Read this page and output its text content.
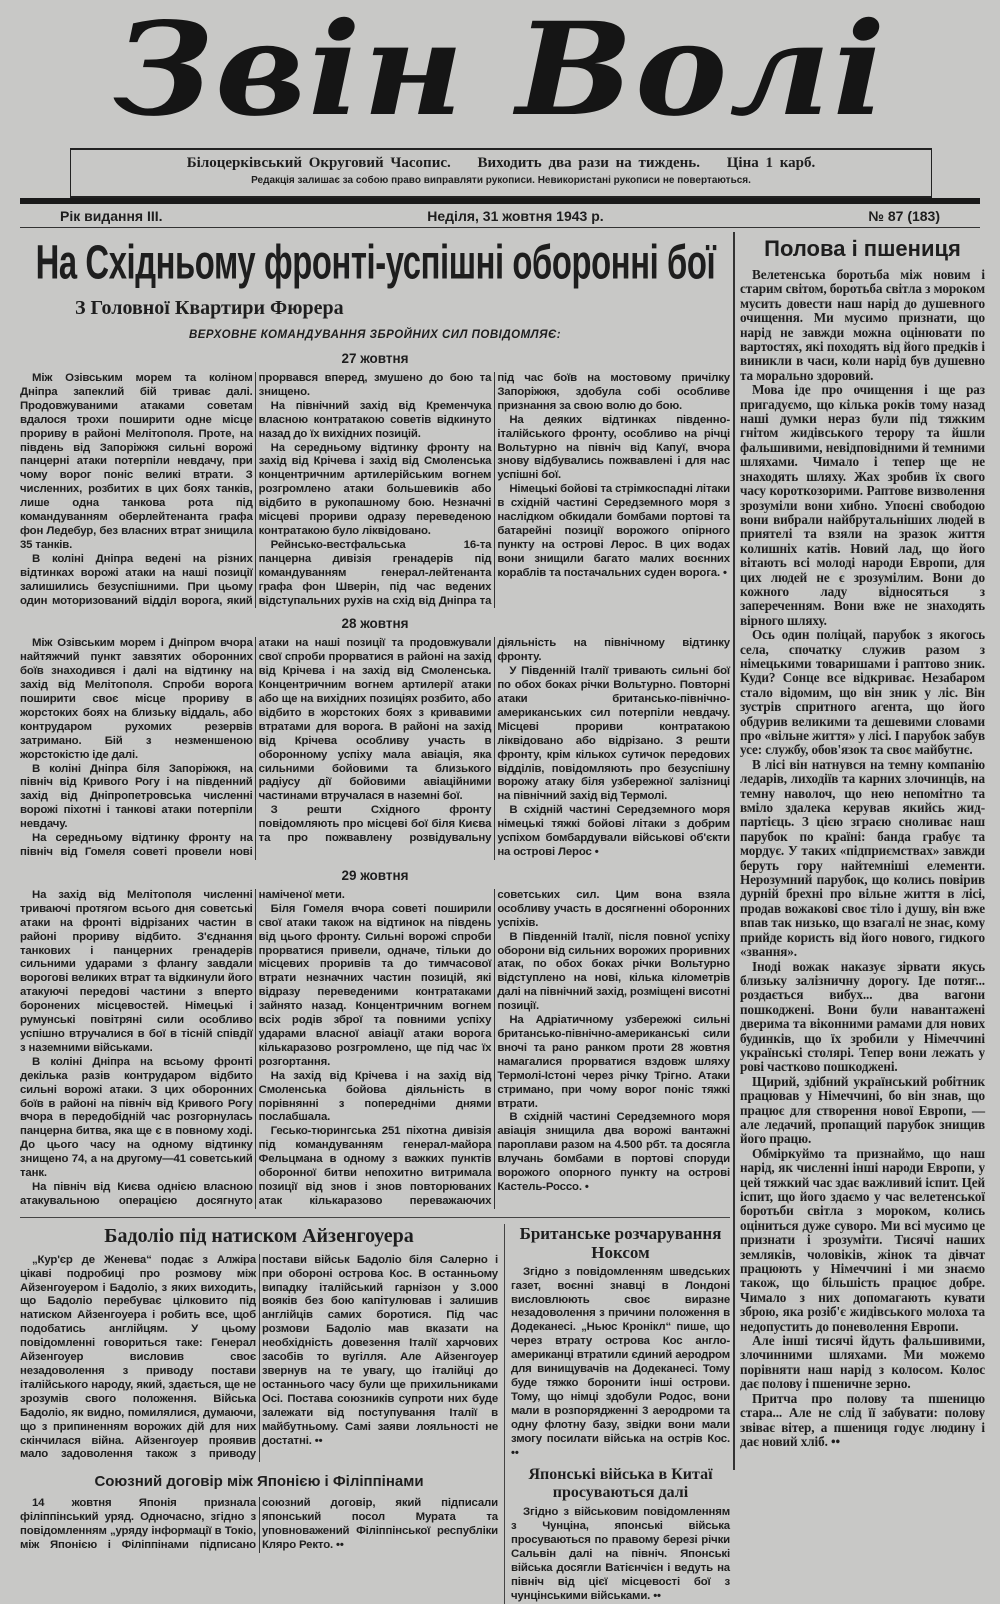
Звін Волі
Білоцерківський Округовий Часопис. Виходить два рази на тиждень. Ціна 1 карб.
Редакція залишає за собою право виправляти рукописи. Невикористані рукописи не повертаються.
Рік видання III.	Неділя, 31 жовтня 1943 р.	№ 87 (183)
На Східньому фронті-успішні оборонні бої
З Головної Квартири Фюрера
ВЕРХОВНЕ КОМАНДУВАННЯ ЗБРОЙНИХ СИЛ ПОВІДОМЛЯЄ:
27 жовтня

Між Озівським морем та коліном Дніпра запеклий бій триває далі. Продовжуваними атаками советам вдалося трохи поширити одне місце прориву в районі Мелітополя. Проте, на південь від Запоріжжя сильні ворожі панцерні атаки потерпіли невдачу, при чому ворог поніс великі втрати. З численних, розбитих в цих боях танків, лише одна танкова рота під командуванням оберлейтенанта графа фон Ледебур, без власних втрат знищила 35 танків.

В коліні Дніпра ведені на різних відтинках ворожі атаки на наші позиції залишились безуспішними. При цьому один моторизований відділ ворога, який прорвався вперед, змушено до бою та знищено.

На північний захід від Кременчука власною контратакою советів відкинуто назад до їх вихідних позицій.

На середньому відтинку фронту на захід від Крічева і захід від Смоленська концентричним артилерійським вогнем розгромлено атаки большевиків або відбито в рукопашному бою. Незначні місцеві прориви одразу переведеною контратакою було ліквідовано.

Рейнсько-вестфальська 16-та панцерна дивізія гренадерів під командуванням генерал-лейтенанта графа фон Шверін, під час ведених відступальних рухів на схід від Дніпра та під час боїв на мостовому причілку Запоріжжя, здобула собі особливе признання за свою волю до бою.

На деяких відтинках південно-італійського фронту, особливо на річці Вольтурно на північ від Капуї, вчора знову відбувались пожвавлені і для нас успішні бої.

Німецькі бойові та стрімкоспадні літаки в східній частині Середземного моря з наслідком обкидали бомбами портові та батарейні позиції ворожого опірного пункту на острові Лерос. В цих водах вони знищили багато малих воєнних кораблів та постачальних суден ворога. •

28 жовтня

Між Озівським морем і Дніпром вчора найтяжчий пункт завзятих оборонних боїв знаходився і далі на відтинку на захід від Мелітополя. Спроби ворога поширити своє місце прориву в жорстоких боях на близьку віддаль, або контрударом рухомих резервів затримано. Бій з незменшеною жорстокістю іде далі.

В коліні Дніпра біля Запоріжжя, на північ від Кривого Рогу і на південний захід від Дніпропетровська численні ворожі піхотні і танкові атаки потерпіли невдачу.

На середньому відтинку фронту на північ від Гомеля советі провели нові атаки на наші позиції та продовжували свої спроби прорватися в районі на захід від Крічева і на захід від Смоленська. Концентричним вогнем артилерії атаки або ще на вихідних позиціях розбито, або відбито в жорстоких боях з кривавими втратами для ворога. В районі на захід від Крічева особливу участь в оборонному успіху мала авіація, яка сильними бойовими та близького радіусу дії бойовими авіаційними частинами втручалася в наземні бої.

З решти Східного фронту повідомляють про місцеві бої біля Києва та про пожвавлену розвідувальну діяльність на північному відтинку фронту.

У Південній Італії тривають сильні бої по обох боках річки Вольтурно. Повторні атаки британсько-північно-американських сил потерпіли невдачу. Місцеві прориви контратакою ліквідовано або відрізано. З решти фронту, крім кількох сутичок передових відділів, повідомляють про безуспішну ворожу атаку біля узбережної залізниці на північний захід від Термолі.

В східній частині Середземного моря німецькі тяжкі бойові літаки з добрим успіхом бомбардували військові об'єкти на острові Лерос •

29 жовтня

На захід від Мелітополя численні триваючі протягом всього дня советські атаки на фронті відрізаних частин в районі прориву відбито. З'єднання танкових і панцерних гренадерів сильними ударами з флангу завдали ворогові великих втрат та відкинули його атакуючі передові частини з вперто боронених місцевостей. Німецькі і румунські повітряні сили особливо успішно втручалися в бої в тісній співдії з наземними військами.

В коліні Дніпра на всьому фронті декілька разів контрударом відбито сильні ворожі атаки. З цих оборонних боїв в районі на північ від Кривого Рогу вчора в передобідній час розгорнулась панцерна битва, яка ще є в повному ході. До цього часу на одному відтинку знищено 74, а на другому—41 советський танк.

На північ від Києва однією власною атакувальною операцією досягнуто наміченої мети.

Біля Гомеля вчора советі поширили свої атаки також на відтинок на південь від цього фронту. Сильні ворожі спроби прорватися привели, одначе, тільки до місцевих проривів та до тимчасової втрати незначних частин позицій, які відразу переведеними контратаками зайнято назад. Концентричним вогнем всіх родів зброї та повними успіху ударами власної авіації атаки ворога кількаразово розгромлено, ще під час їх розгортання.

На захід від Крічева і на захід від Смоленська бойова діяльність в порівнянні з попередніми днями послабшала.

Гесько-тюрингська 251 піхотна дивізія під командуванням генерал-майора Фельцмана в одному з важких пунктів оборонної битви непохитно витримала позиції від знов і знов повторюваних атак кількаразово переважаючих советських сил. Цим вона взяла особливу участь в досягненні оборонних успіхів.

В Південній Італії, після повної успіху оборони від сильних ворожих проривних атак, по обох боках річки Вольтурно відступлено на нові, кілька кілометрів далі на північний захід, розміщені висотні позиції.

На Адріатичному узбережжі сильні британсько-північно-американські сили вночі та рано ранком проти 28 жовтня намагалися прорватися вздовж шляху Термолі-Істоні через річку Трігно. Атаки стримано, при чому ворог поніс тяжкі втрати.

В східній частині Середземного моря авіація знищила два ворожі вантажні пароплави разом на 4.500 рбт. та досягла влучань бомбами в портові споруди ворожого опорного пункту на острові Кастель-Россо. •

Бадоліо під натиском Айзенгоуера

„Кур'єр де Женева“ подає з Алжіра цікаві подробиці про розмову між Айзенгоуером і Бадоліо, з яких виходить, що Бадоліо перебуває цілковито під натиском Айзенгоуера і робить все, щоб подобатись англійцям. У цьому повідомленні говориться таке: Генерал Айзенгоуер висловив своє незадоволення з приводу постави італійського народу, який, здається, ще не зрозумів свого положення. Війська Бадоліо, як видно, помилялися, думаючи, що з припиненням ворожих дій для них скінчилася війна. Айзенгоуер проявив мало задоволення також з приводу постави військ Бадоліо біля Салерно і при обороні острова Кос. В останньому випадку італійський гарнізон у 3.000 вояків без бою капітулював і залишив англійців самих боротися. Під час розмови Бадоліо мав вказати на необхідність довезення Італії харчових засобів то вугілля. Але Айзенгоуер звернув на те увагу, що італійці до останнього часу були ще прихильниками Осі. Постава союзників супроти них буде залежати від поступування Італії в майбутньому. Самі заяви лояльності не достатні. ••

Союзний договір між Японією і Філіппінами

14 жовтня Японія признала філіппінський уряд. Одночасно, згідно з повідомленням „уряду інформації в Токіо, між Японією і Філіппінами підписано союзний договір, який підписали японський посол Мурата та уповноважений Філіппінської республіки Кляро Ректо. ••

Британське розчарування Ноксом

Згідно з повідомленням шведських газет, воєнні знавці в Лондоні висловлюють своє виразне незадоволення з причини положення в Додеканесі. „Ньюс Кронікл“ пише, що через втрату острова Кос англо-американці втратили єдиний аеродром для винищувачів на Додеканесі. Тому буде тяжко боронити інші острови. Тому, що німці здобули Родос, вони мали в розпорядженні 3 аеродроми та одну флотну базу, звідки вони мали змогу посилати війська на острів Кос. ••

Японські війська в Китаї просуваються далі

Згідно з військовим повідомленням з Чунціна, японські війська просуваються по правому березі річки Сальвін далі на північ. Японські війська досягли Ватієнчієн і ведуть на північ від цієї місцевості бої з чунцінськими військами. ••

Полова і пшениця

Велетенська боротьба між новим і старим світом, боротьба світла з мороком мусить довести наш нарід до душевного очищення. Ми мусимо признати, що нарід не завжди можна оцінювати по вартостях, які походять від його предків і виникли в часи, коли нарід був душевно та морально здоровий.

Мова іде про очищення і ще раз пригадуємо, що кілька років тому назад наші думки нераз були під тяжким гнітом жидівського терору та йшли фальшивими, невідповідними й темними шляхами. Чимало і тепер ще не знаходять шляху. Жах зробив їх свого часу короткозорими. Раптове визволення зрозуміли вони хибно. Упоєні свободою вони вибрали найбрутальніших людей в приятелі та взяли на зразок життя колишніх катів. Новий лад, що його вітають всі молоді народи Европи, для цих людей не є зрозумілим. Вони до кожного ладу відносяться з запереченням. Вони вже не знаходять вірного шляху.

Ось один поліцай, парубок з якогось села, спочатку служив разом з німецькими товаришами і раптово зник. Куди? Сонце все відкриває. Незабаром стало відомим, що він зник у ліс. Він зустрів спритного агента, що його обдурив великими та дешевими словами про «вільне життя» у лісі. І парубок забув усе: службу, обов'язок та своє майбутнє.

В лісі він натнувся на темну компанію ледарів, лиходіїв та карних злочинців, на темну наволоч, що нею непомітно та вміло здалека керував якийсь жид-партієць. З цією зграєю сноливає наш парубок по країні: банда грабує та мордує. У таких «підприємствах» завжди беруть гору найтемніші елементи. Нерозумний парубок, що колись повірив дурній брехні про вільне життя в лісі, продав вожакові своє тіло і душу, він вже впав так низько, що взагалі не знає, кому прийде користь від його нового, гидкого «звання».

Іноді вожак наказує зірвати якусь близьку залізничну дорогу. Іде потяг... роздається вибух... два вагони пошкоджені. Вони були навантажені дверима та віконними рамами для нових будинків, що їх зробили у Німеччині українські столярі. Тепер вони лежать у рові частково пошкоджені.

Щирий, здібний український робітник працював у Німеччині, бо він знав, що працює для створення нової Европи, — але ледачий, пропащий парубок знищив його працю.

Обміркуймо та признаймо, що наш нарід, як численні інші народи Европи, у цей тяжкий час здає важливий іспит. Цей іспит, що його здаємо у час велетенської боротьби світла з мороком, колись оціниться дуже суворо. Ми всі мусимо це признати і зрозуміти. Тисячі наших земляків, чоловіків, жінок та дівчат працюють у Німеччині і ми знаємо також, що більшість працює добре. Чимало з них допомагають кувати зброю, яка розіб'є жидівського молоха та недопустить до поневолення Европи.

Але інші тисячі йдуть фальшивими, злочинними шляхами. Ми можемо порівняти наш нарід з колосом. Колос дає полову і пшеничне зерно.

Притча про полову та пшеницю стара... Але не слід її забувати: полову звіває вітер, а пшениця годує людину і дає новий хліб. ••
